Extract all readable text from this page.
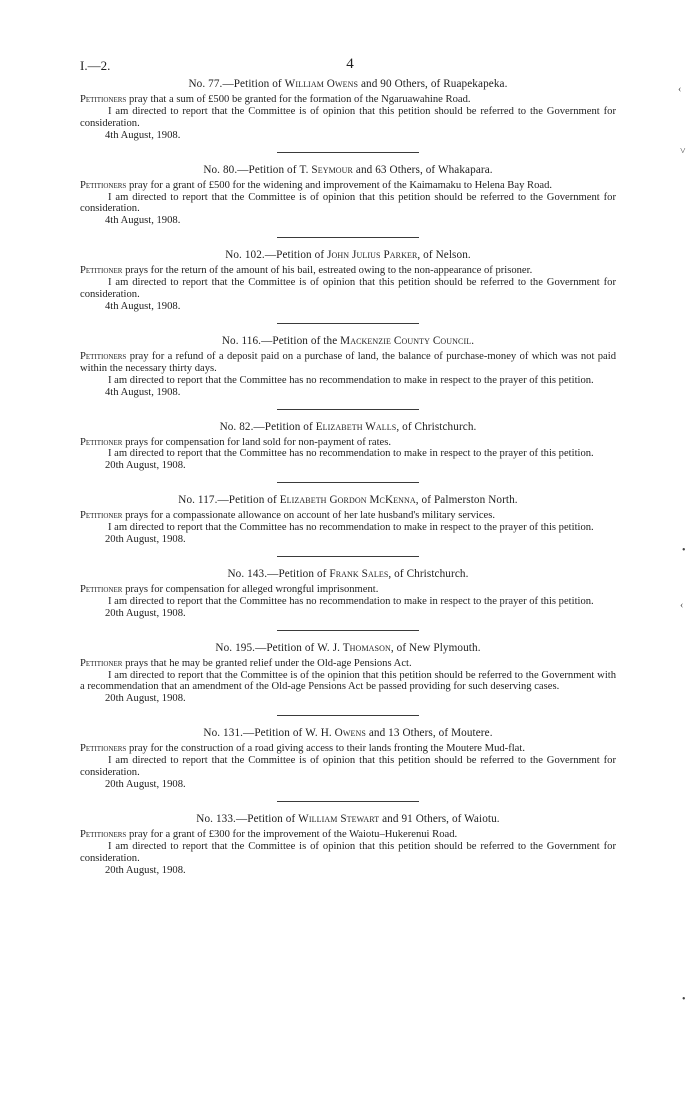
I.—2.	4
No. 77.—Petition of William Owens and 90 Others, of Ruapekapeka.

Petitioners pray that a sum of £500 be granted for the formation of the Ngaruawahine Road.

I am directed to report that the Committee is of opinion that this petition should be referred to the Government for consideration.

4th August, 1908.
No. 80.—Petition of T. Seymour and 63 Others, of Whakapara.

Petitioners pray for a grant of £500 for the widening and improvement of the Kaimamaku to Helena Bay Road.

I am directed to report that the Committee is of opinion that this petition should be referred to the Government for consideration.

4th August, 1908.
No. 102.—Petition of John Julius Parker, of Nelson.

Petitioner prays for the return of the amount of his bail, estreated owing to the non-appearance of prisoner.

I am directed to report that the Committee is of opinion that this petition should be referred to the Government for consideration.

4th August, 1908.
No. 116.—Petition of the Mackenzie County Council.

Petitioners pray for a refund of a deposit paid on a purchase of land, the balance of purchase-money of which was not paid within the necessary thirty days.

I am directed to report that the Committee has no recommendation to make in respect to the prayer of this petition.

4th August, 1908.
No. 82.—Petition of Elizabeth Walls, of Christchurch.

Petitioner prays for compensation for land sold for non-payment of rates.

I am directed to report that the Committee has no recommendation to make in respect to the prayer of this petition.

20th August, 1908.
No. 117.—Petition of Elizabeth Gordon McKenna, of Palmerston North.

Petitioner prays for a compassionate allowance on account of her late husband's military services.

I am directed to report that the Committee has no recommendation to make in respect to the prayer of this petition.

20th August, 1908.
No. 143.—Petition of Frank Sales, of Christchurch.

Petitioner prays for compensation for alleged wrongful imprisonment.

I am directed to report that the Committee has no recommendation to make in respect to the prayer of this petition.

20th August, 1908.
No. 195.—Petition of W. J. Thomason, of New Plymouth.

Petitioner prays that he may be granted relief under the Old-age Pensions Act.

I am directed to report that the Committee is of the opinion that this petition should be referred to the Government with a recommendation that an amendment of the Old-age Pensions Act be passed providing for such deserving cases.

20th August, 1908.
No. 131.—Petition of W. H. Owens and 13 Others, of Moutere.

Petitioners pray for the construction of a road giving access to their lands fronting the Moutere Mud-flat.

I am directed to report that the Committee is of opinion that this petition should be referred to the Government for consideration.

20th August, 1908.
No. 133.—Petition of William Stewart and 91 Others, of Waiotu.

Petitioners pray for a grant of £300 for the improvement of the Waiotu–Hukerenui Road.

I am directed to report that the Committee is of opinion that this petition should be referred to the Government for consideration.

20th August, 1908.
‹
˅
•
‹
•
